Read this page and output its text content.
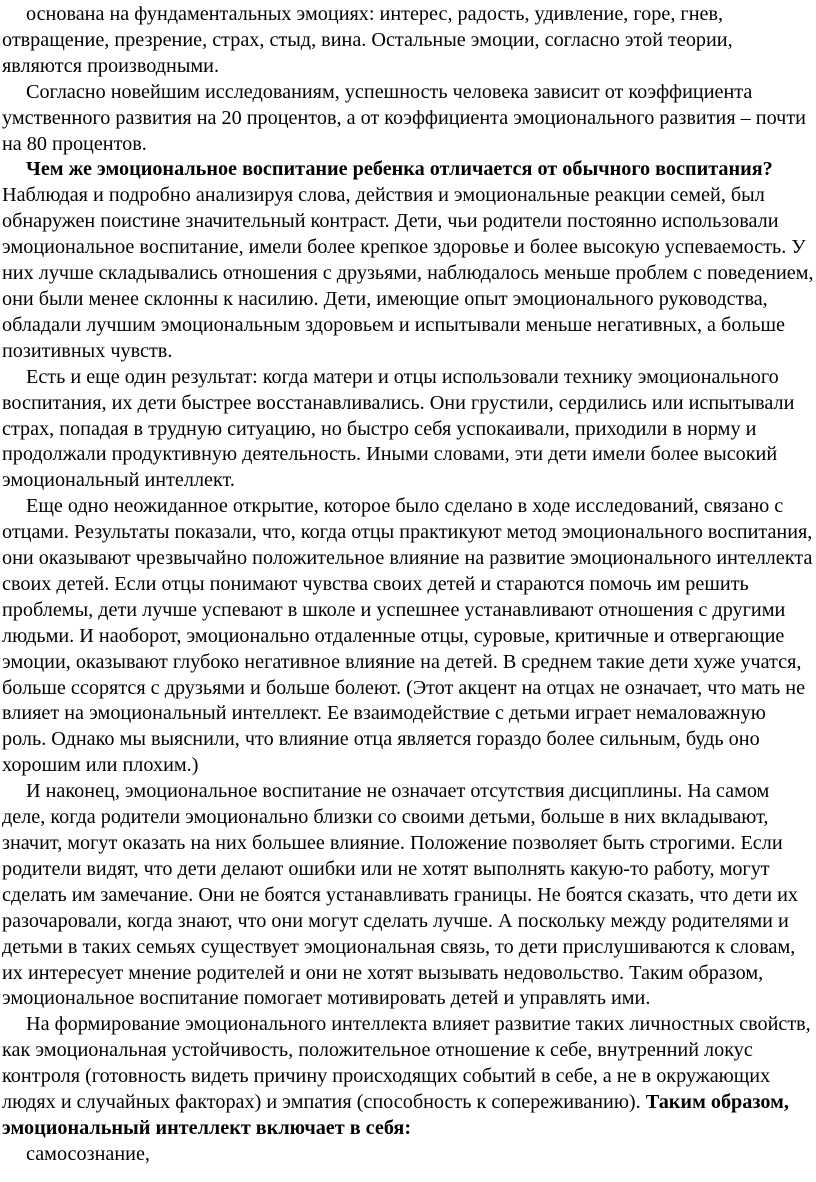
основана на фундаментальных эмоциях: интерес, радость, удивление, горе, гнев, отвращение, презрение, страх, стыд, вина. Остальные эмоции, согласно этой теории, являются производными.

Согласно новейшим исследованиям, успешность человека зависит от коэффициента умственного развития на 20 процентов, а от коэффициента эмоционального развития – почти на 80 процентов.

Чем же эмоциональное воспитание ребенка отличается от обычного воспитания? Наблюдая и подробно анализируя слова, действия и эмоциональные реакции семей, был обнаружен поистине значительный контраст. Дети, чьи родители постоянно использовали эмоциональное воспитание, имели более крепкое здоровье и более высокую успеваемость. У них лучше складывались отношения с друзьями, наблюдалось меньше проблем с поведением, они были менее склонны к насилию. Дети, имеющие опыт эмоционального руководства, обладали лучшим эмоциональным здоровьем и испытывали меньше негативных, а больше позитивных чувств.

Есть и еще один результат: когда матери и отцы использовали технику эмоционального воспитания, их дети быстрее восстанавливались. Они грустили, сердились или испытывали страх, попадая в трудную ситуацию, но быстро себя успокаивали, приходили в норму и продолжали продуктивную деятельность. Иными словами, эти дети имели более высокий эмоциональный интеллект.

Еще одно неожиданное открытие, которое было сделано в ходе исследований, связано с отцами. Результаты показали, что, когда отцы практикуют метод эмоционального воспитания, они оказывают чрезвычайно положительное влияние на развитие эмоционального интеллекта своих детей. Если отцы понимают чувства своих детей и стараются помочь им решить проблемы, дети лучше успевают в школе и успешнее устанавливают отношения с другими людьми. И наоборот, эмоционально отдаленные отцы, суровые, критичные и отвергающие эмоции, оказывают глубоко негативное влияние на детей. В среднем такие дети хуже учатся, больше ссорятся с друзьями и больше болеют. (Этот акцент на отцах не означает, что мать не влияет на эмоциональный интеллект. Ее взаимодействие с детьми играет немаловажную роль. Однако мы выяснили, что влияние отца является гораздо более сильным, будь оно хорошим или плохим.)

И наконец, эмоциональное воспитание не означает отсутствия дисциплины. На самом деле, когда родители эмоционально близки со своими детьми, больше в них вкладывают, значит, могут оказать на них большее влияние. Положение позволяет быть строгими. Если родители видят, что дети делают ошибки или не хотят выполнять какую-то работу, могут сделать им замечание. Они не боятся устанавливать границы. Не боятся сказать, что дети их разочаровали, когда знают, что они могут сделать лучше. А поскольку между родителями и детьми в таких семьях существует эмоциональная связь, то дети прислушиваются к словам, их интересует мнение родителей и они не хотят вызывать недовольство. Таким образом, эмоциональное воспитание помогает мотивировать детей и управлять ими.

На формирование эмоционального интеллекта влияет развитие таких личностных свойств, как эмоциональная устойчивость, положительное отношение к себе, внутренний локус контроля (готовность видеть причину происходящих событий в себе, а не в окружающих людях и случайных факторах) и эмпатия (способность к сопереживанию). Таким образом, эмоциональный интеллект включает в себя:

самосознание,
